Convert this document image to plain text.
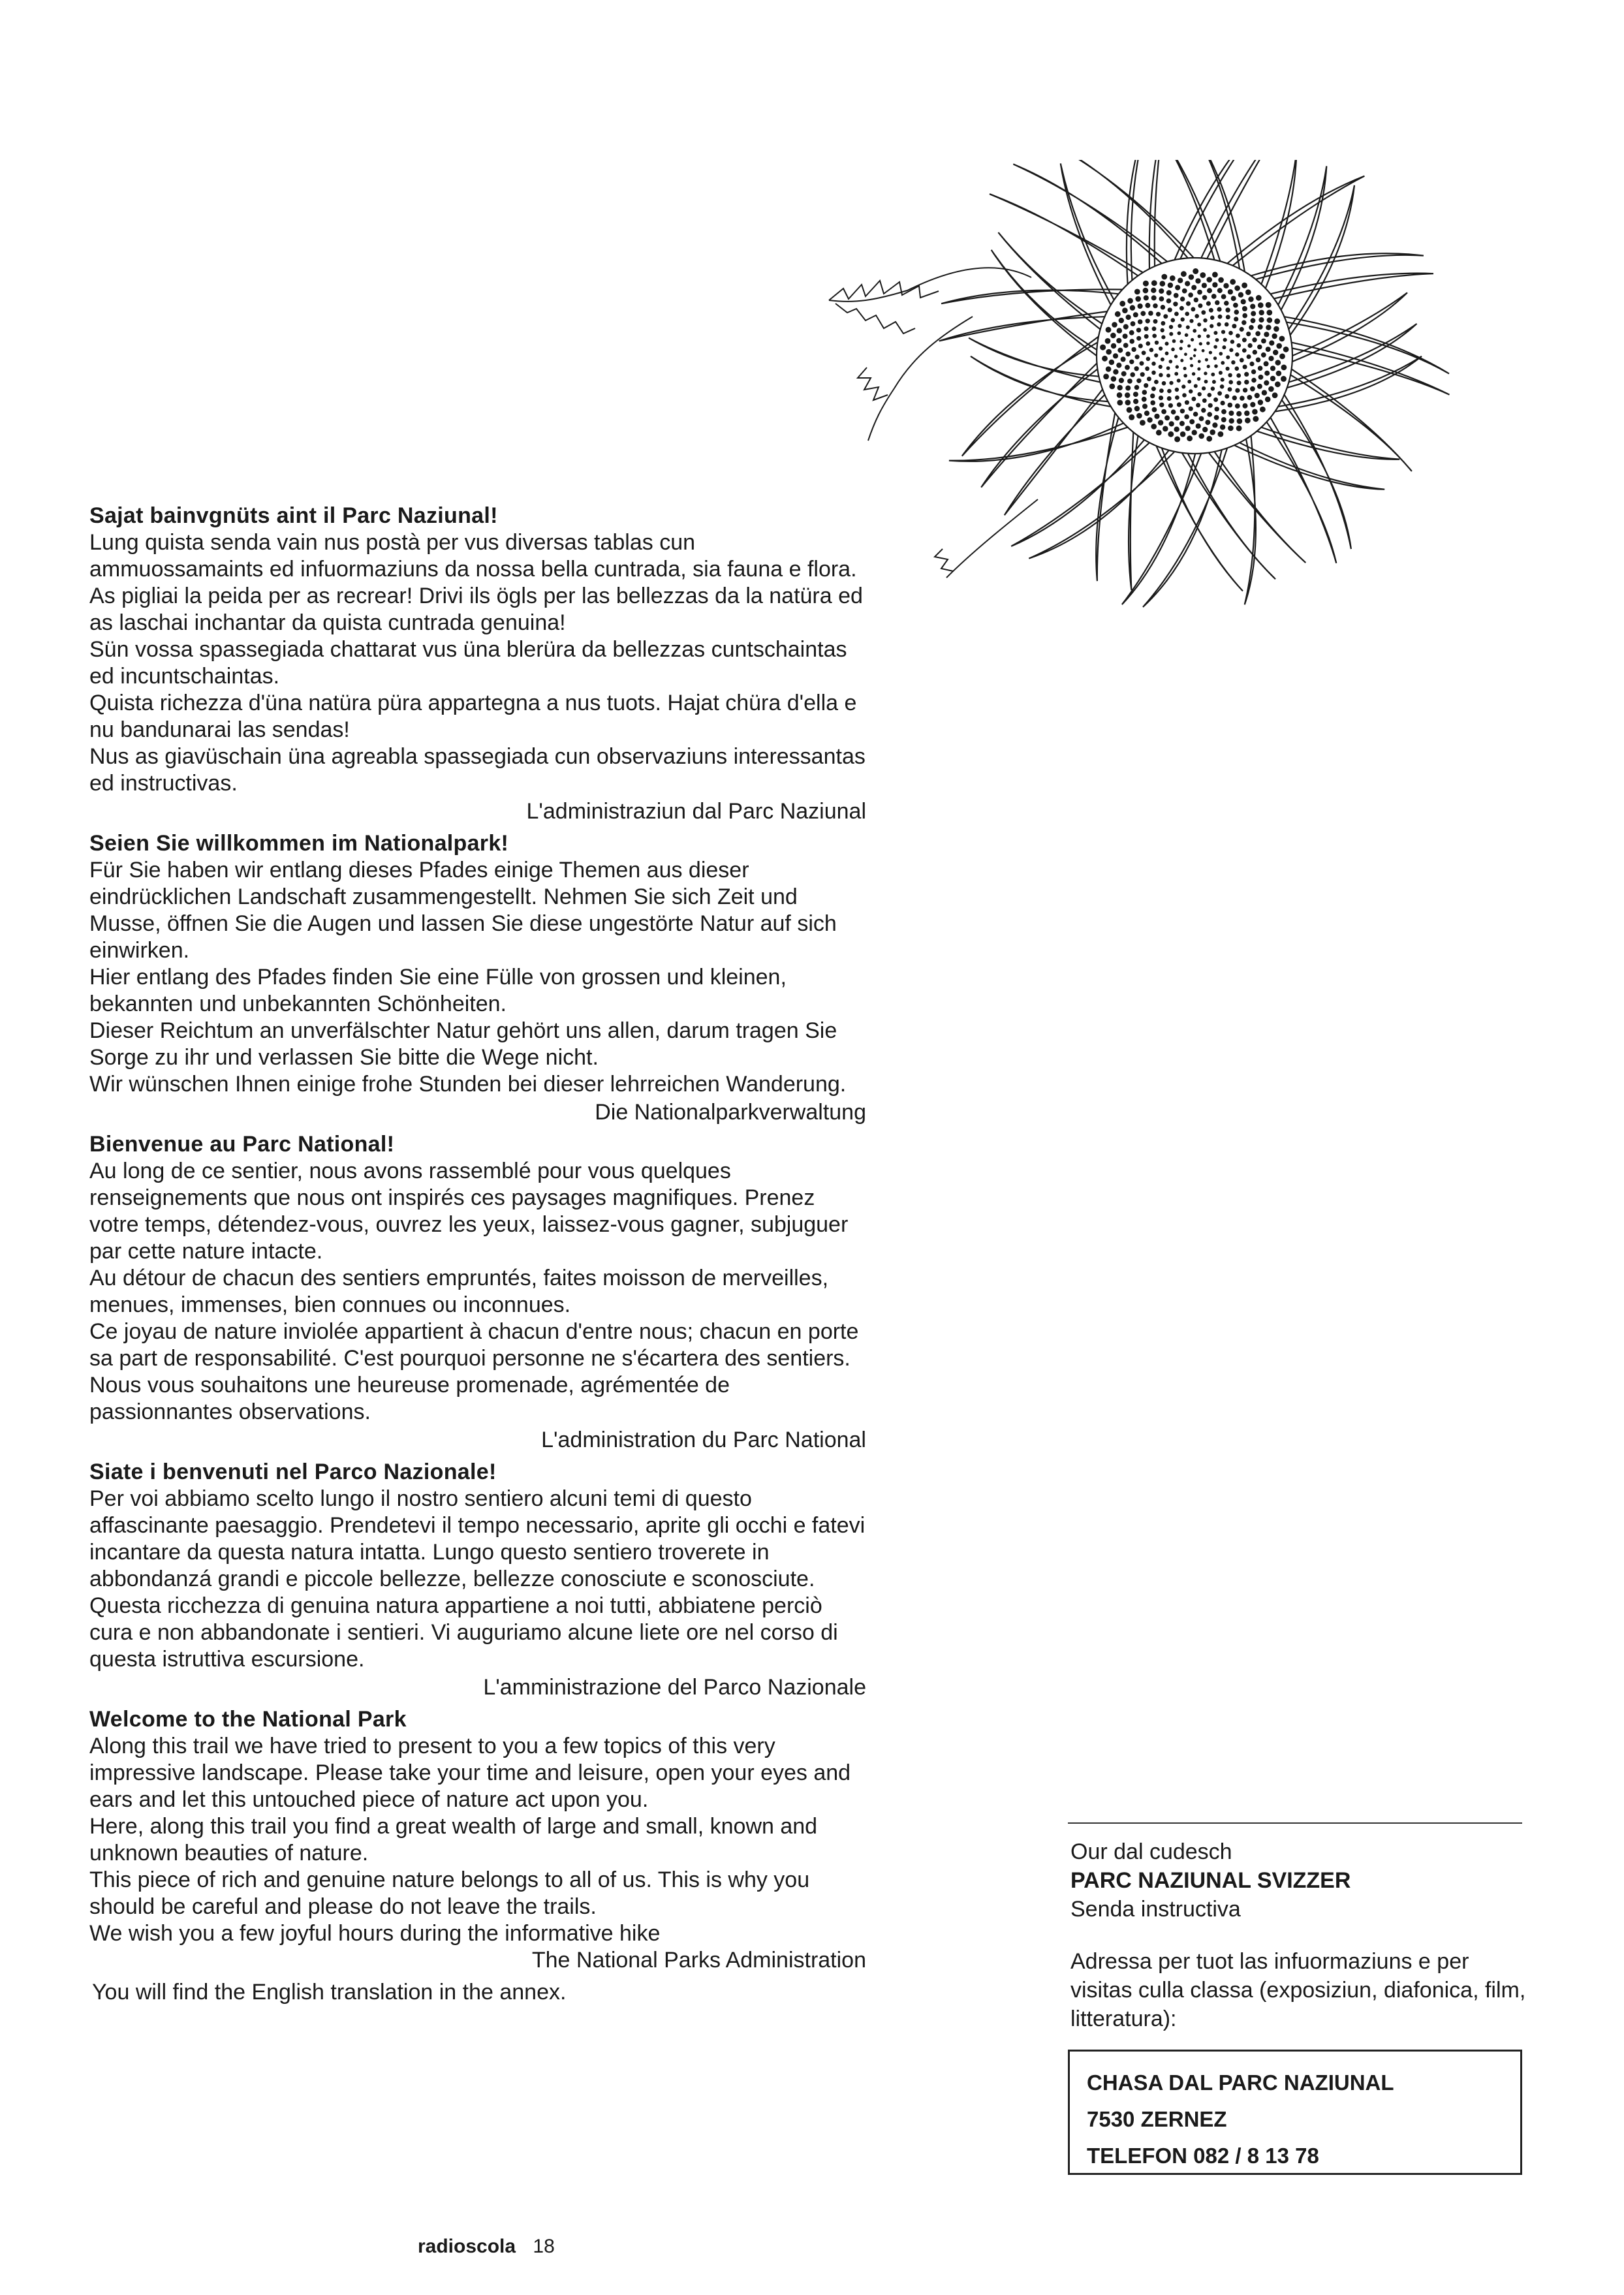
Sajat bainvgnüts aint il Parc Naziunal!

Lung quista senda vain nus postà per vus diversas tablas cun ammuossamaints ed infuormaziuns da nossa bella cuntrada, sia fauna e flora. As pigliai la peida per as recrear! Drivi ils ögls per las bellezzas da la natüra ed as laschai inchantar da quista cuntrada genuina!

Sün vossa spassegiada chattarat vus üna blerüra da bellezzas cuntschaintas ed incuntschaintas.

Quista richezza d'üna natüra püra appartegna a nus tuots. Hajat chüra d'ella e nu bandunarai las sendas!

Nus as giavüschain üna agreabla spassegiada cun observaziuns interessantas ed instructivas.

L'administraziun dal Parc Naziunal
Seien Sie willkommen im Nationalpark!

Für Sie haben wir entlang dieses Pfades einige Themen aus dieser eindrücklichen Landschaft zusammengestellt. Nehmen Sie sich Zeit und Musse, öffnen Sie die Augen und lassen Sie diese ungestörte Natur auf sich einwirken.

Hier entlang des Pfades finden Sie eine Fülle von grossen und kleinen, bekannten und unbekannten Schönheiten.

Dieser Reichtum an unverfälschter Natur gehört uns allen, darum tragen Sie Sorge zu ihr und verlassen Sie bitte die Wege nicht.

Wir wünschen Ihnen einige frohe Stunden bei dieser lehrreichen Wanderung.

Die Nationalparkverwaltung
Bienvenue au Parc National!

Au long de ce sentier, nous avons rassemblé pour vous quelques renseignements que nous ont inspirés ces paysages magnifiques. Prenez votre temps, détendez-vous, ouvrez les yeux, laissez-vous gagner, subjuguer par cette nature intacte.

Au détour de chacun des sentiers empruntés, faites moisson de merveilles, menues, immenses, bien connues ou inconnues.

Ce joyau de nature inviolée appartient à chacun d'entre nous; chacun en porte sa part de responsabilité. C'est pourquoi personne ne s'écartera des sentiers.

Nous vous souhaitons une heureuse promenade, agrémentée de passionnantes observations.

L'administration du Parc National
Siate i benvenuti nel Parco Nazionale!

Per voi abbiamo scelto lungo il nostro sentiero alcuni temi di questo affascinante paesaggio. Prendetevi il tempo necessario, aprite gli occhi e fatevi incantare da questa natura intatta. Lungo questo sentiero troverete in abbondanzá grandi e piccole bellezze, bellezze conosciute e sconosciute. Questa ricchezza di genuina natura appartiene a noi tutti, abbiatene perciò cura e non abbandonate i sentieri. Vi auguriamo alcune liete ore nel corso di questa istruttiva escursione.

L'amministrazione del Parco Nazionale
Welcome to the National Park

Along this trail we have tried to present to you a few topics of this very impressive landscape. Please take your time and leisure, open your eyes and ears and let this untouched piece of nature act upon you.

Here, along this trail you find a great wealth of large and small, known and unknown beauties of nature.

This piece of rich and genuine nature belongs to all of us. This is why you should be careful and please do not leave the trails.

We wish you a few joyful hours during the informative hike

The National Parks Administration
You will find the English translation in the annex.
Our dal cudesch
PARC NAZIUNAL SVIZZER
Senda instructiva
Adressa per tuot las infuormaziuns e per visitas culla classa (exposiziun, diafonica, film, litteratura):
CHASA DAL PARC NAZIUNAL
7530 ZERNEZ
TELEFON 082 / 8 13 78
radioscola 18
